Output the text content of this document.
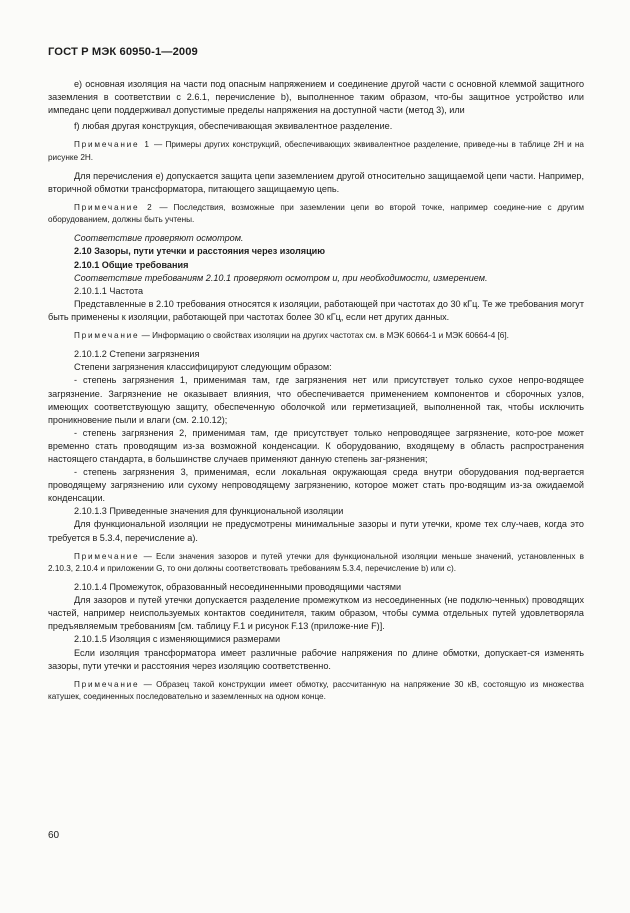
ГОСТ Р МЭК 60950-1—2009

е) основная изоляция на части под опасным напряжением и соединение другой части с основной клеммой защитного заземления в соответствии с 2.6.1, перечисление b), выполненное таким образом, что-бы защитное устройство или импеданс цепи поддерживал допустимые пределы напряжения на доступной части (метод 3), или

f) любая другая конструкция, обеспечивающая эквивалентное разделение.

Примечание 1 — Примеры других конструкций, обеспечивающих эквивалентное разделение, приведе-ны в таблице 2H и на рисунке 2H.

Для перечисления е) допускается защита цепи заземлением другой относительно защищаемой цепи части. Например, вторичной обмотки трансформатора, питающего защищаемую цепь.

Примечание 2 — Последствия, возможные при заземлении цепи во второй точке, например соедине-ние с другим оборудованием, должны быть учтены.

Соответствие проверяют осмотром.

2.10 Зазоры, пути утечки и расстояния через изоляцию

2.10.1 Общие требования

Соответствие требованиям 2.10.1 проверяют осмотром и, при необходимости, измерением.

2.10.1.1 Частота

Представленные в 2.10 требования относятся к изоляции, работающей при частотах до 30 кГц. Те же требования могут быть применены к изоляции, работающей при частотах более 30 кГц, если нет других данных.

Примечание — Информацию о свойствах изоляции на других частотах см. в МЭК 60664-1 и МЭК 60664-4 [6].

2.10.1.2 Степени загрязнения

Степени загрязнения классифицируют следующим образом:

- степень загрязнения 1, применимая там, где загрязнения нет или присутствует только сухое непро-водящее загрязнение. Загрязнение не оказывает влияния, что обеспечивается применением компонентов и сборочных узлов, имеющих соответствующую защиту, обеспеченную оболочкой или герметизацией, выполненной так, чтобы исключить проникновение пыли и влаги (см. 2.10.12);

- степень загрязнения 2, применимая там, где присутствует только непроводящее загрязнение, кото-рое может временно стать проводящим из-за возможной конденсации. К оборудованию, входящему в область распространения настоящего стандарта, в большинстве случаев применяют данную степень заг-рязнения;

- степень загрязнения 3, применимая, если локальная окружающая среда внутри оборудования под-вергается проводящему загрязнению или сухому непроводящему загрязнению, которое может стать про-водящим из-за ожидаемой конденсации.

2.10.1.3 Приведенные значения для функциональной изоляции

Для функциональной изоляции не предусмотрены минимальные зазоры и пути утечки, кроме тех слу-чаев, когда это требуется в 5.3.4, перечисление а).

Примечание — Если значения зазоров и путей утечки для функциональной изоляции меньше значений, установленных в 2.10.3, 2.10.4 и приложении G, то они должны соответствовать требованиям 5.3.4, перечисление b) или с).

2.10.1.4 Промежуток, образованный несоединенными проводящими частями

Для зазоров и путей утечки допускается разделение промежутком из несоединенных (не подклю-ченных) проводящих частей, например неиспользуемых контактов соединителя, таким образом, чтобы сумма отдельных путей удовлетворяла предъявляемым требованиям [см. таблицу F.1 и рисунок F.13 (приложе-ние F)].

2.10.1.5 Изоляция с изменяющимися размерами

Если изоляция трансформатора имеет различные рабочие напряжения по длине обмотки, допускает-ся изменять зазоры, пути утечки и расстояния через изоляцию соответственно.

Примечание — Образец такой конструкции имеет обмотку, рассчитанную на напряжение 30 кВ, состоящую из множества катушек, соединенных последовательно и заземленных на одном конце.

60
